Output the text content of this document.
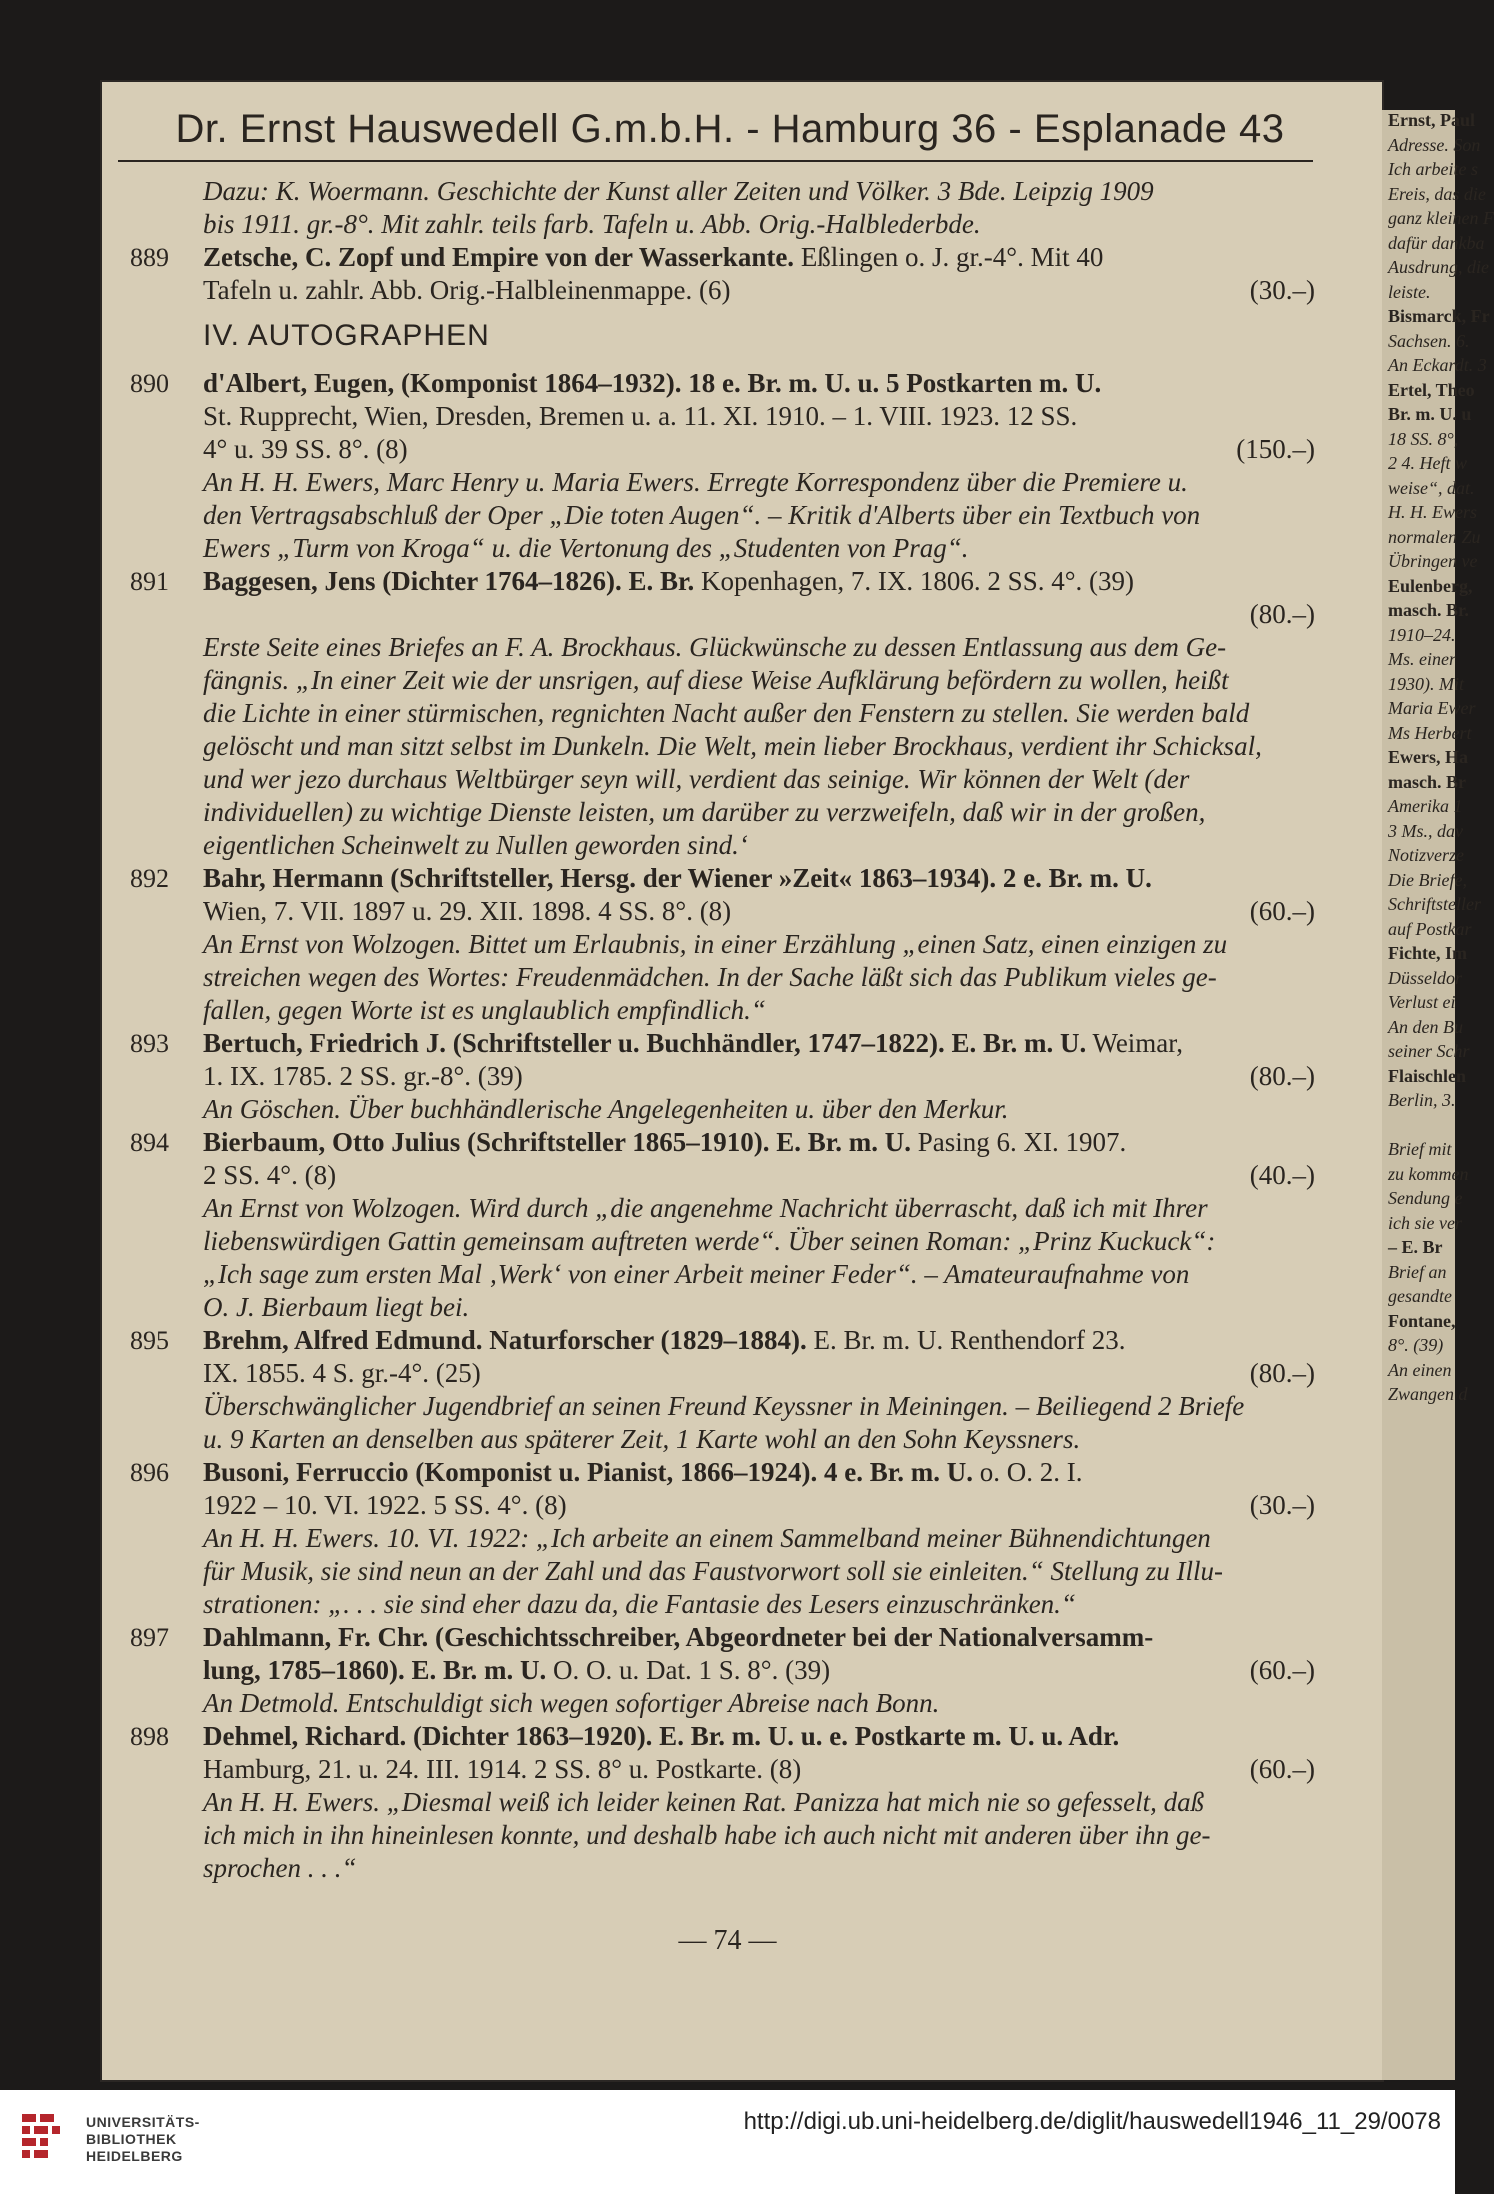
Ernst, Paul
Adresse. Son
Ich arbeite s
Ereis, das die
ganz kleinen F
dafür dankba
Ausdrung, die
leiste.
Bismarck, Fr
Sachsen. 6.
An Eckardt. 3
Ertel, Theo
Br. m. U. u
18 SS. 8°,
2 4. Heft w
weise“, dat.
H. H. Ewers
normalen Zu
Übringen ve
Eulenberg,
masch. Br.
1910–24.
Ms. einer
1930). Mit
Maria Ewer
Ms Herbert
Ewers, Ha
masch. Br
Amerika 1
3 Ms., dav
Notizverze
Die Briefe,
Schriftsteller
auf Postkar
Fichte, Im
Düsseldor
Verlust ei
An den Bu
seiner Schr
Flaischlen
Berlin, 3.
Brief mit
zu kommen
Sendung e
ich sie ver
– E. Br
Brief an
gesandte
Fontane,
8°. (39)
An einen
Zwangen d
Dr. Ernst Hauswedell G.m.b.H. - Hamburg 36 - Esplanade 43
Dazu: K. Woermann. Geschichte der Kunst aller Zeiten und Völker. 3 Bde. Leipzig 1909
bis 1911. gr.-8°. Mit zahlr. teils farb. Tafeln u. Abb. Orig.-Halblederbde.
889	Zetsche, C. Zopf und Empire von der Wasserkante. Eßlingen o. J. gr.-4°. Mit 40
Tafeln u. zahlr. Abb. Orig.-Halbleinenmappe. (6)	(30.–)
IV. AUTOGRAPHEN
890	d'Albert, Eugen, (Komponist 1864–1932). 18 e. Br. m. U. u. 5 Postkarten m. U.
St. Rupprecht, Wien, Dresden, Bremen u. a. 11. XI. 1910. – 1. VIII. 1923. 12 SS.
4° u. 39 SS. 8°. (8)	(150.–)
An H. H. Ewers, Marc Henry u. Maria Ewers. Erregte Korrespondenz über die Premiere u.
den Vertragsabschluß der Oper „Die toten Augen“. – Kritik d'Alberts über ein Textbuch von
Ewers „Turm von Kroga“ u. die Vertonung des „Studenten von Prag“.
891	Baggesen, Jens (Dichter 1764–1826). E. Br. Kopenhagen, 7. IX. 1806. 2 SS. 4°. (39)
(80.–)
Erste Seite eines Briefes an F. A. Brockhaus. Glückwünsche zu dessen Entlassung aus dem Ge-
fängnis. „In einer Zeit wie der unsrigen, auf diese Weise Aufklärung befördern zu wollen, heißt
die Lichte in einer stürmischen, regnichten Nacht außer den Fenstern zu stellen. Sie werden bald
gelöscht und man sitzt selbst im Dunkeln. Die Welt, mein lieber Brockhaus, verdient ihr Schicksal,
und wer jezo durchaus Weltbürger seyn will, verdient das seinige. Wir können der Welt (der
individuellen) zu wichtige Dienste leisten, um darüber zu verzweifeln, daß wir in der großen,
eigentlichen Scheinwelt zu Nullen geworden sind.‘
892	Bahr, Hermann (Schriftsteller, Hersg. der Wiener »Zeit« 1863–1934). 2 e. Br. m. U.
Wien, 7. VII. 1897 u. 29. XII. 1898. 4 SS. 8°. (8)	(60.–)
An Ernst von Wolzogen. Bittet um Erlaubnis, in einer Erzählung „einen Satz, einen einzigen zu
streichen wegen des Wortes: Freudenmädchen. In der Sache läßt sich das Publikum vieles ge-
fallen, gegen Worte ist es unglaublich empfindlich.“
893	Bertuch, Friedrich J. (Schriftsteller u. Buchhändler, 1747–1822). E. Br. m. U. Weimar,
1. IX. 1785. 2 SS. gr.-8°. (39)	(80.–)
An Göschen. Über buchhändlerische Angelegenheiten u. über den Merkur.
894	Bierbaum, Otto Julius (Schriftsteller 1865–1910). E. Br. m. U. Pasing 6. XI. 1907.
2 SS. 4°. (8)	(40.–)
An Ernst von Wolzogen. Wird durch „die angenehme Nachricht überrascht, daß ich mit Ihrer
liebenswürdigen Gattin gemeinsam auftreten werde“. Über seinen Roman: „Prinz Kuckuck“:
„Ich sage zum ersten Mal ‚Werk‘ von einer Arbeit meiner Feder“. – Amateuraufnahme von
O. J. Bierbaum liegt bei.
895	Brehm, Alfred Edmund. Naturforscher (1829–1884). E. Br. m. U. Renthendorf 23.
IX. 1855. 4 S. gr.-4°. (25)	(80.–)
Überschwänglicher Jugendbrief an seinen Freund Keyssner in Meiningen. – Beiliegend 2 Briefe
u. 9 Karten an denselben aus späterer Zeit, 1 Karte wohl an den Sohn Keyssners.
896	Busoni, Ferruccio (Komponist u. Pianist, 1866–1924). 4 e. Br. m. U. o. O. 2. I.
1922 – 10. VI. 1922. 5 SS. 4°. (8)	(30.–)
An H. H. Ewers. 10. VI. 1922: „Ich arbeite an einem Sammelband meiner Bühnendichtungen
für Musik, sie sind neun an der Zahl und das Faustvorwort soll sie einleiten.“ Stellung zu Illu-
strationen: „. . . sie sind eher dazu da, die Fantasie des Lesers einzuschränken.“
897	Dahlmann, Fr. Chr. (Geschichtsschreiber, Abgeordneter bei der Nationalversamm-
lung, 1785–1860). E. Br. m. U. O. O. u. Dat. 1 S. 8°. (39)	(60.–)
An Detmold. Entschuldigt sich wegen sofortiger Abreise nach Bonn.
898	Dehmel, Richard. (Dichter 1863–1920). E. Br. m. U. u. e. Postkarte m. U. u. Adr.
Hamburg, 21. u. 24. III. 1914. 2 SS. 8° u. Postkarte. (8)	(60.–)
An H. H. Ewers. „Diesmal weiß ich leider keinen Rat. Panizza hat mich nie so gefesselt, daß
ich mich in ihn hineinlesen konnte, und deshalb habe ich auch nicht mit anderen über ihn ge-
sprochen . . .“
— 74 —
UNIVERSITÄTS-
BIBLIOTHEK
HEIDELBERG
http://digi.ub.uni-heidelberg.de/diglit/hauswedell1946_11_29/0078
